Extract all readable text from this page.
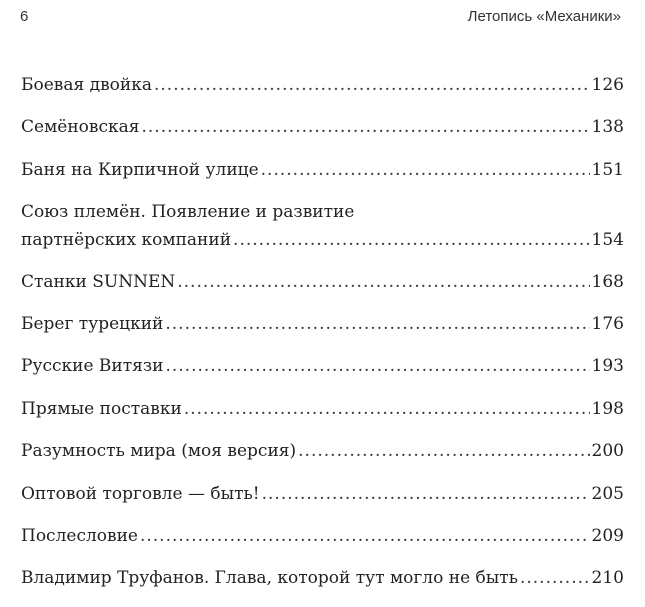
6	Летопись «Механики»
Боевая двойка .....	126
Семёновская .....	138
Баня на Кирпичной улице .....	151
Союз племён. Появление и развитие
партнёрских компаний .....	154
Станки SUNNEN .....	168
Берег турецкий .....	176
Русские Витязи .....	193
Прямые поставки .....	198
Разумность мира (моя версия) .....	200
Оптовой торговле — быть! .....	205
Послесловие .....	209
Владимир Труфанов. Глава, которой тут могло не быть .....	210
